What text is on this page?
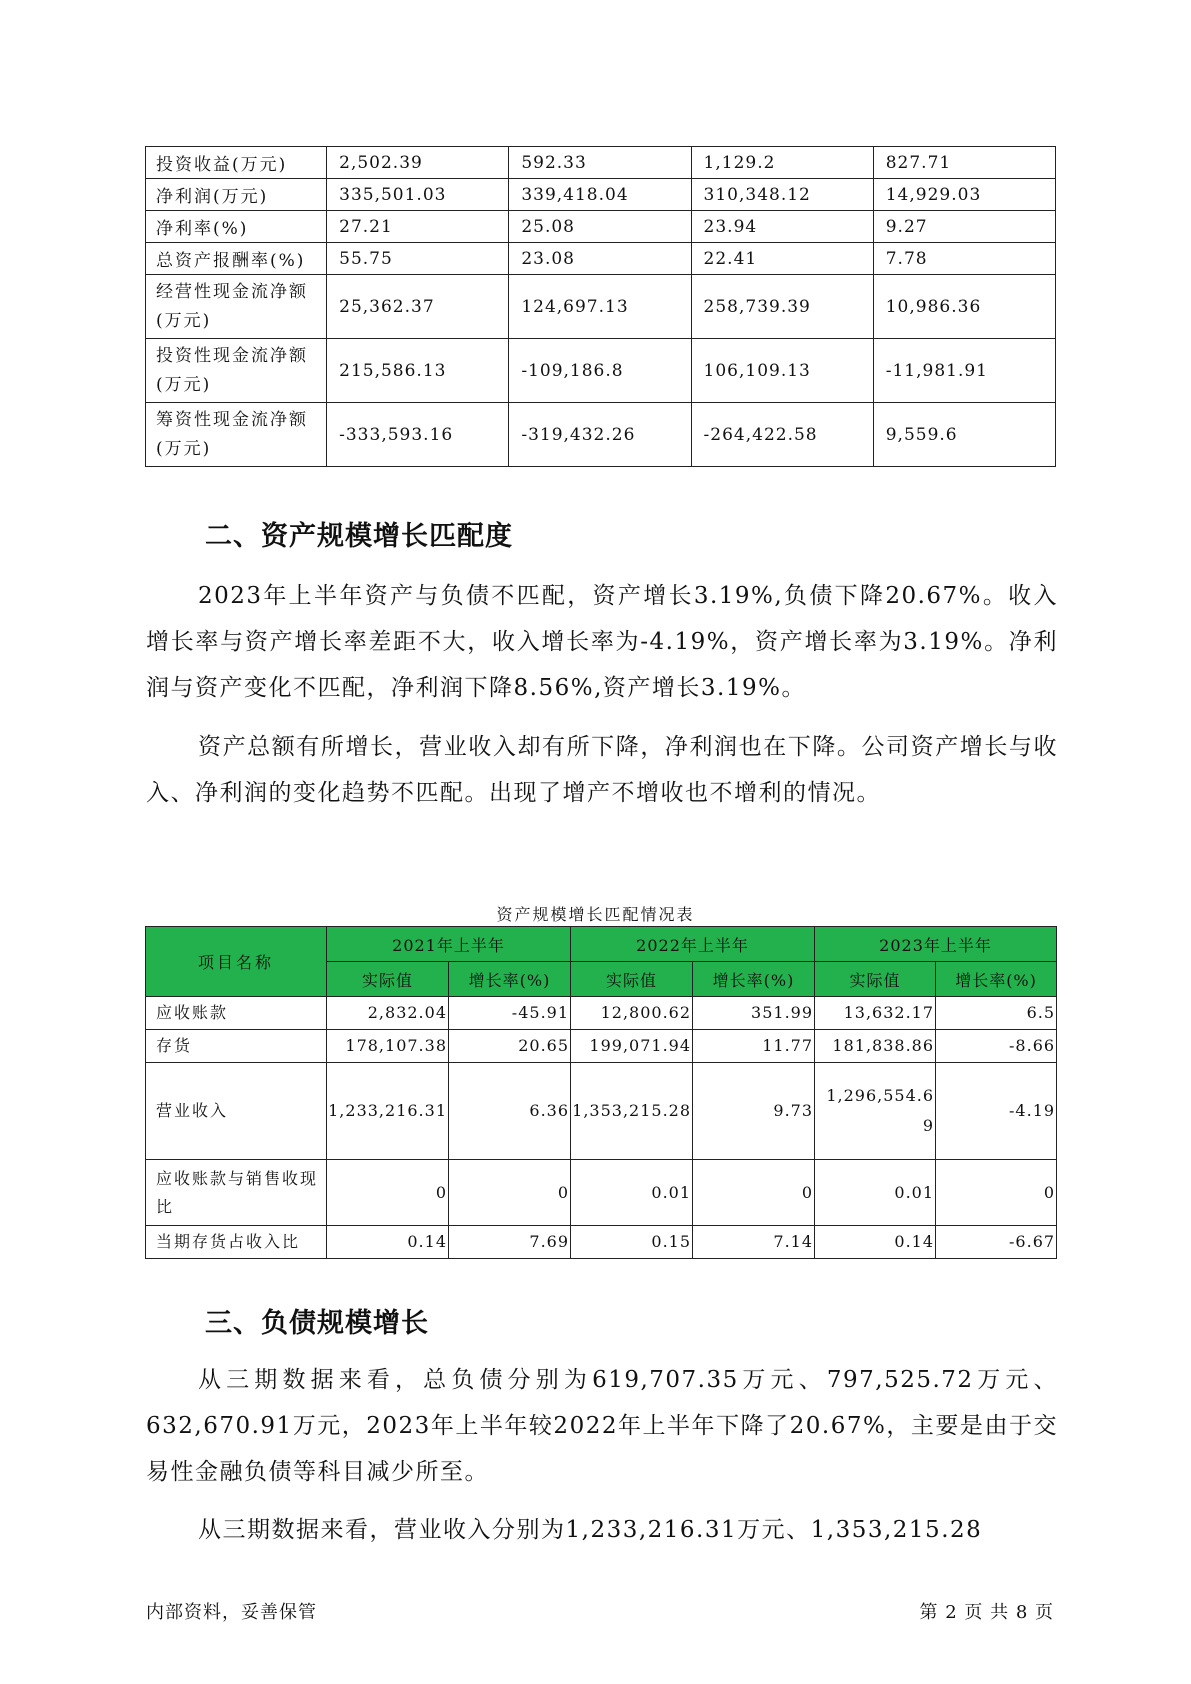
投资收益(万元)	2,502.39	592.33	1,129.2	827.71
净利润(万元)	335,501.03	339,418.04	310,348.12	14,929.03
净利率(%)	27.21	25.08	23.94	9.27
总资产报酬率(%)	55.75	23.08	22.41	7.78
经营性现金流净额(万元)	25,362.37	124,697.13	258,739.39	10,986.36
投资性现金流净额(万元)	215,586.13	-109,186.8	106,109.13	-11,981.91
筹资性现金流净额(万元)	-333,593.16	-319,432.26	-264,422.58	9,559.6
二、资产规模增长匹配度

2023年上半年资产与负债不匹配，资产增长3.19%,负债下降20.67%。收入增长率与资产增长率差距不大，收入增长率为-4.19%，资产增长率为3.19%。净利润与资产变化不匹配，净利润下降8.56%,资产增长3.19%。

资产总额有所增长，营业收入却有所下降，净利润也在下降。公司资产增长与收入、净利润的变化趋势不匹配。出现了增产不增收也不增利的情况。

资产规模增长匹配情况表
项目名称	2021年上半年		2022年上半年		2023年上半年	
	实际值	增长率(%)	实际值	增长率(%)	实际值	增长率(%)
应收账款	2,832.04	-45.91	12,800.62	351.99	13,632.17	6.5
存货	178,107.38	20.65	199,071.94	11.77	181,838.86	-8.66
营业收入	1,233,216.31	6.36	1,353,215.28	9.73	1,296,554.69	-4.19
应收账款与销售收现比	0	0	0.01	0	0.01	0
当期存货占收入比	0.14	7.69	0.15	7.14	0.14	-6.67
三、负债规模增长

从三期数据来看，总负债分别为619,707.35万元、797,525.72万元、632,670.91万元，2023年上半年较2022年上半年下降了20.67%，主要是由于交易性金融负债等科目减少所至。

从三期数据来看，营业收入分别为1,233,216.31万元、1,353,215.28

内部资料，妥善保管	第 2 页 共 8 页
